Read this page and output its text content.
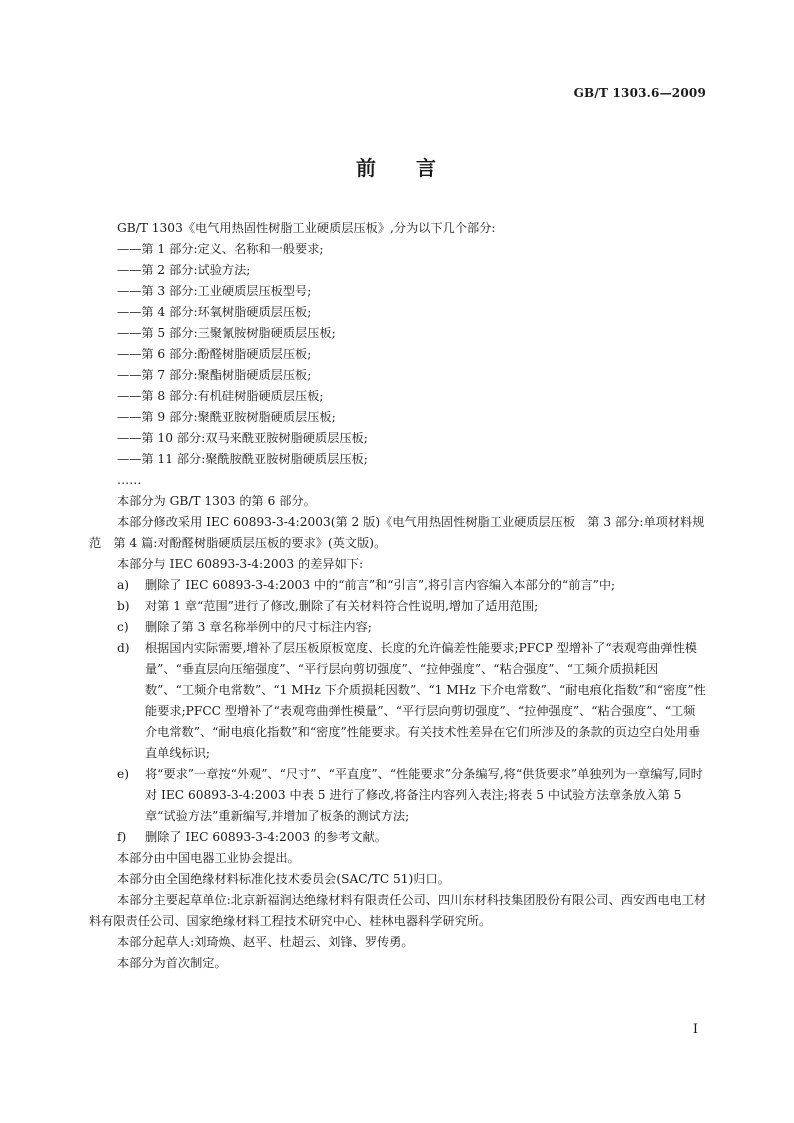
GB/T 1303.6—2009
前 言

GB/T 1303《电气用热固性树脂工业硬质层压板》,分为以下几个部分:

——第 1 部分:定义、名称和一般要求;

——第 2 部分:试验方法;

——第 3 部分:工业硬质层压板型号;

——第 4 部分:环氧树脂硬质层压板;

——第 5 部分:三聚氰胺树脂硬质层压板;

——第 6 部分:酚醛树脂硬质层压板;

——第 7 部分:聚酯树脂硬质层压板;

——第 8 部分:有机硅树脂硬质层压板;

——第 9 部分:聚酰亚胺树脂硬质层压板;

——第 10 部分:双马来酰亚胺树脂硬质层压板;

——第 11 部分:聚酰胺酰亚胺树脂硬质层压板;

……

本部分为 GB/T 1303 的第 6 部分。

本部分修改采用 IEC 60893-3-4:2003(第 2 版)《电气用热固性树脂工业硬质层压板　第 3 部分:单项材料规范　第 4 篇:对酚醛树脂硬质层压板的要求》(英文版)。

本部分与 IEC 60893-3-4:2003 的差异如下:

a) 删除了 IEC 60893-3-4:2003 中的“前言”和“引言”,将引言内容编入本部分的“前言”中;
b) 对第 1 章“范围”进行了修改,删除了有关材料符合性说明,增加了适用范围;
c) 删除了第 3 章名称举例中的尺寸标注内容;
d) 根据国内实际需要,增补了层压板原板宽度、长度的允许偏差性能要求;PFCP 型增补了“表观弯曲弹性模量”、“垂直层向压缩强度”、“平行层向剪切强度”、“拉伸强度”、“粘合强度”、“工频介质损耗因数”、“工频介电常数”、“1 MHz 下介质损耗因数”、“1 MHz 下介电常数”、“耐电痕化指数”和“密度”性能要求;PFCC 型增补了“表观弯曲弹性模量”、“平行层向剪切强度”、“拉伸强度”、“粘合强度”、“工频介电常数”、“耐电痕化指数”和“密度”性能要求。有关技术性差异在它们所涉及的条款的页边空白处用垂直单线标识;
e) 将“要求”一章按“外观”、“尺寸”、“平直度”、“性能要求”分条编写,将“供货要求”单独列为一章编写,同时对 IEC 60893-3-4:2003 中表 5 进行了修改,将备注内容列入表注;将表 5 中试验方法章条放入第 5 章“试验方法”重新编写,并增加了板条的测试方法;
f) 删除了 IEC 60893-3-4:2003 的参考文献。

本部分由中国电器工业协会提出。

本部分由全国绝缘材料标准化技术委员会(SAC/TC 51)归口。

本部分主要起草单位:北京新福润达绝缘材料有限责任公司、四川东材科技集团股份有限公司、西安西电电工材料有限责任公司、国家绝缘材料工程技术研究中心、桂林电器科学研究所。

本部分起草人:刘琦焕、赵平、杜超云、刘锋、罗传勇。

本部分为首次制定。

I
